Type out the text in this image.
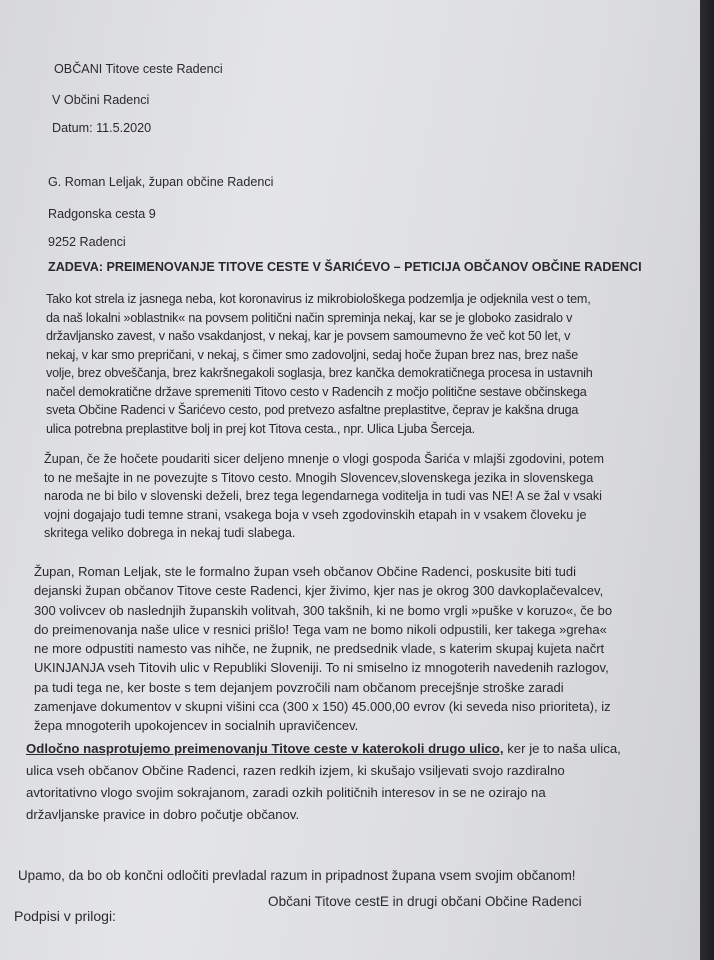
OBČANI Titove ceste Radenci
V Občini Radenci
Datum: 11.5.2020
G. Roman Leljak, župan občine Radenci
Radgonska cesta 9
9252 Radenci
ZADEVA: PREIMENOVANJE TITOVE CESTE V ŠARIĆEVO – PETICIJA OBČANOV OBČINE RADENCI
Tako kot strela iz jasnega neba, kot koronavirus iz mikrobiološkega podzemlja je odjeknila vest o tem,
da naš lokalni »oblastnik« na povsem politični način spreminja nekaj, kar se je globoko zasidralo v
državljansko zavest, v našo vsakdanjost, v nekaj, kar je povsem samoumevno že več kot 50 let, v
nekaj, v kar smo prepričani, v nekaj, s čimer smo zadovoljni, sedaj hoče župan brez nas, brez naše
volje, brez obveščanja, brez kakršnegakoli soglasja, brez kančka demokratičnega procesa in ustavnih
načel demokratične države spremeniti Titovo cesto v Radencih z močjo politične sestave občinskega
sveta Občine Radenci v Šarićevo cesto, pod pretvezo asfaltne preplastitve, čeprav je kakšna druga
ulica potrebna preplastitve bolj in prej kot Titova cesta., npr. Ulica Ljuba Šerceja.
Župan, če že hočete poudariti sicer deljeno mnenje o vlogi gospoda Šarića v mlajši zgodovini, potem
to ne mešajte in ne povezujte s Titovo cesto. Mnogih Slovencev,slovenskega jezika in slovenskega
naroda ne bi bilo v slovenski deželi, brez tega legendarnega voditelja in tudi vas NE! A se žal v vsaki
vojni dogajajo tudi temne strani, vsakega boja v vseh zgodovinskih etapah in v vsakem človeku je
skritega veliko dobrega in nekaj tudi slabega.
Župan, Roman Leljak, ste le formalno župan vseh občanov Občine Radenci, poskusite biti tudi
dejanski župan občanov Titove ceste Radenci, kjer živimo, kjer nas je okrog 300 davkoplačevalcev,
300 volivcev ob naslednjih županskih volitvah, 300 takšnih, ki ne bomo vrgli »puške v koruzo«, če bo
do preimenovanja naše ulice v resnici prišlo! Tega vam ne bomo nikoli odpustili, ker takega »greha«
ne more odpustiti namesto vas nihče, ne župnik, ne predsednik vlade, s katerim skupaj kujeta načrt
UKINJANJA vseh Titovih ulic v Republiki Sloveniji. To ni smiselno iz mnogoterih navedenih razlogov,
pa tudi tega ne, ker boste s tem dejanjem povzročili nam občanom precejšnje stroške zaradi
zamenjave dokumentov v skupni višini cca (300 x 150) 45.000,00 evrov (ki seveda niso prioriteta), iz
žepa mnogoterih upokojencev in socialnih upravičencev.
Odločno nasprotujemo preimenovanju Titove ceste v katerokoli drugo ulico, ker je to naša ulica,
ulica vseh občanov Občine Radenci, razen redkih izjem, ki skušajo vsiljevati svojo razdiralno
avtoritativno vlogo svojim sokrajanom, zaradi ozkih političnih interesov in se ne ozirajo na
državljanske pravice in dobro počutje občanov.
Upamo, da bo ob končni odločiti prevladal razum in pripadnost župana vsem svojim občanom!
Občani Titove cestE in drugi občani Občine Radenci
Podpisi v prilogi:
